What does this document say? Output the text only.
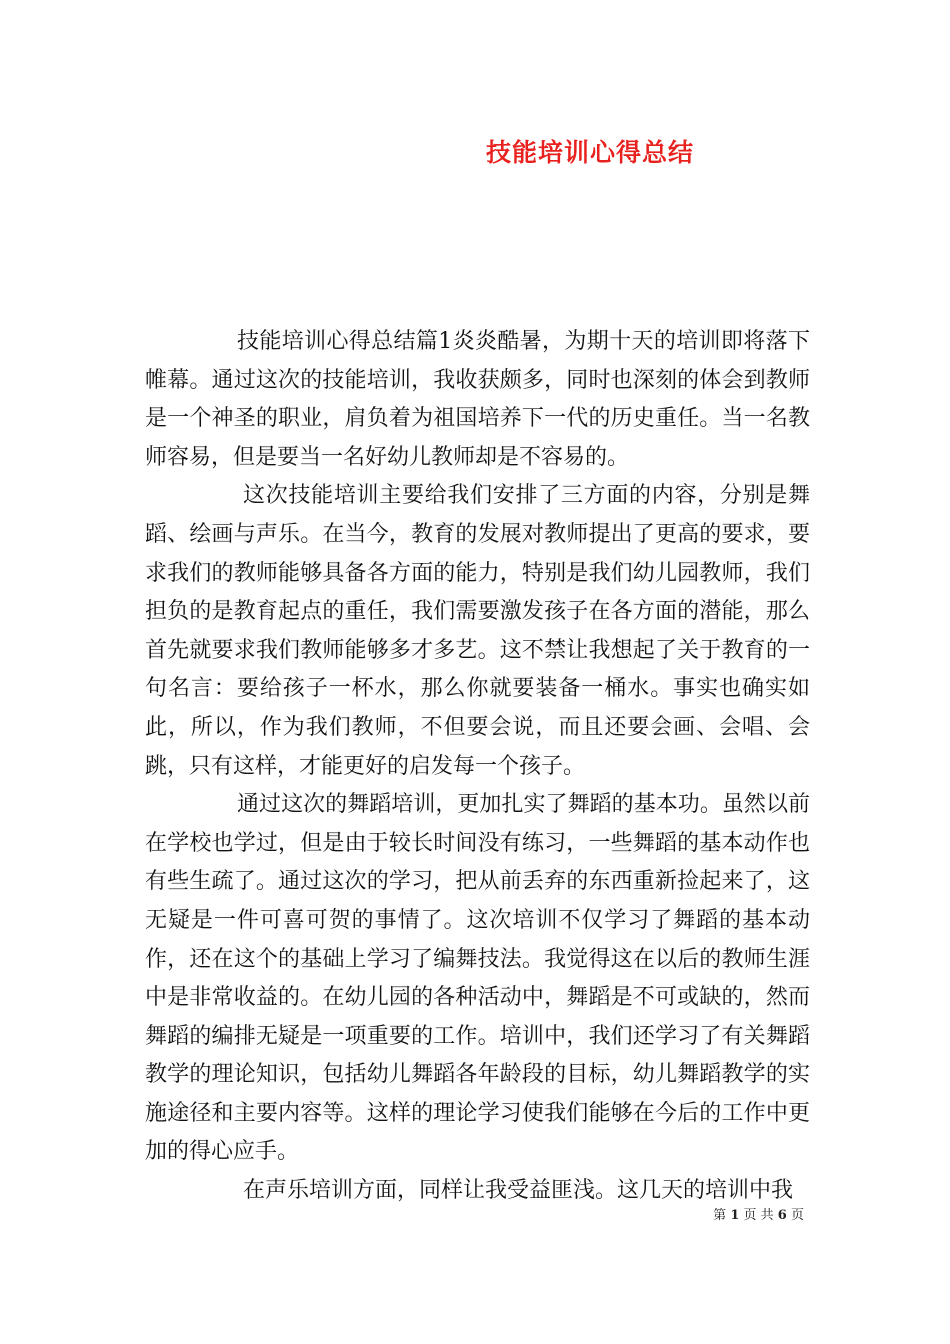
技能培训心得总结

技能培训心得总结篇1炎炎酷暑，为期十天的培训即将落下帷幕。通过这次的技能培训，我收获颇多，同时也深刻的体会到教师是一个神圣的职业，肩负着为祖国培养下一代的历史重任。当一名教师容易，但是要当一名好幼儿教师却是不容易的。

这次技能培训主要给我们安排了三方面的内容，分别是舞蹈、绘画与声乐。在当今，教育的发展对教师提出了更高的要求，要求我们的教师能够具备各方面的能力，特别是我们幼儿园教师，我们担负的是教育起点的重任，我们需要激发孩子在各方面的潜能，那么首先就要求我们教师能够多才多艺。这不禁让我想起了关于教育的一句名言：要给孩子一杯水，那么你就要装备一桶水。事实也确实如此，所以，作为我们教师，不但要会说，而且还要会画、会唱、会跳，只有这样，才能更好的启发每一个孩子。

通过这次的舞蹈培训，更加扎实了舞蹈的基本功。虽然以前在学校也学过，但是由于较长时间没有练习，一些舞蹈的基本动作也有些生疏了。通过这次的学习，把从前丢弃的东西重新捡起来了，这无疑是一件可喜可贺的事情了。这次培训不仅学习了舞蹈的基本动作，还在这个的基础上学习了编舞技法。我觉得这在以后的教师生涯中是非常收益的。在幼儿园的各种活动中，舞蹈是不可或缺的，然而舞蹈的编排无疑是一项重要的工作。培训中，我们还学习了有关舞蹈教学的理论知识，包括幼儿舞蹈各年龄段的目标，幼儿舞蹈教学的实施途径和主要内容等。这样的理论学习使我们能够在今后的工作中更加的得心应手。

在声乐培训方面，同样让我受益匪浅。这几天的培训中我

第 1 页 共 6 页
